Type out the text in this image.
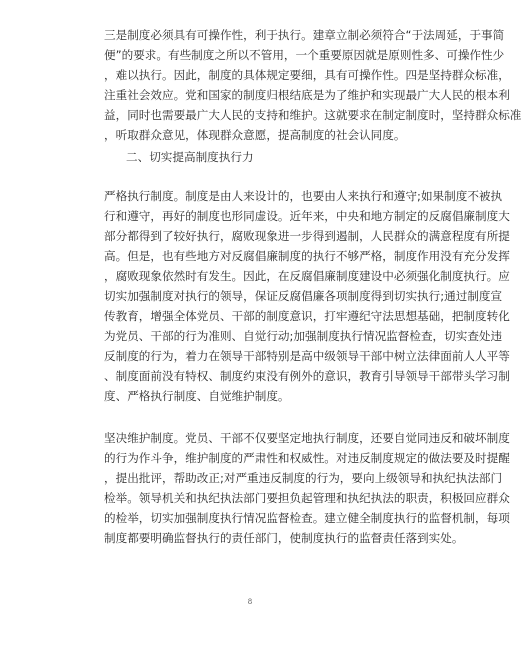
三是制度必须具有可操作性，利于执行。建章立制必须符合“于法周延，于事简
便”的要求。有些制度之所以不管用，一个重要原因就是原则性多、可操作性少
，难以执行。因此，制度的具体规定要细，具有可操作性。四是坚持群众标准，
注重社会效应。党和国家的制度归根结底是为了维护和实现最广大人民的根本利
益，同时也需要最广大人民的支持和维护。这就要求在制定制度时，坚持群众标准
，听取群众意见，体现群众意愿，提高制度的社会认同度。
二、切实提高制度执行力
严格执行制度。制度是由人来设计的，也要由人来执行和遵守;如果制度不被执
行和遵守，再好的制度也形同虚设。近年来，中央和地方制定的反腐倡廉制度大
部分都得到了较好执行，腐败现象进一步得到遏制，人民群众的满意程度有所提
高。但是，也有些地方对反腐倡廉制度的执行不够严格，制度作用没有充分发挥
，腐败现象依然时有发生。因此，在反腐倡廉制度建设中必须强化制度执行。应
切实加强制度对执行的领导，保证反腐倡廉各项制度得到切实执行;通过制度宣
传教育，增强全体党员、干部的制度意识，打牢遵纪守法思想基础，把制度转化
为党员、干部的行为准则、自觉行动;加强制度执行情况监督检查，切实查处违
反制度的行为，着力在领导干部特别是高中级领导干部中树立法律面前人人平等
、制度面前没有特权、制度约束没有例外的意识，教育引导领导干部带头学习制
度、严格执行制度、自觉维护制度。
坚决维护制度。党员、干部不仅要坚定地执行制度，还要自觉同违反和破坏制度
的行为作斗争，维护制度的严肃性和权威性。对违反制度规定的做法要及时提醒
，提出批评，帮助改正;对严重违反制度的行为，要向上级领导和执纪执法部门
检举。领导机关和执纪执法部门要担负起管理和执纪执法的职责，积极回应群众
的检举，切实加强制度执行情况监督检查。建立健全制度执行的监督机制，每项
制度都要明确监督执行的责任部门，使制度执行的监督责任落到实处。
8
